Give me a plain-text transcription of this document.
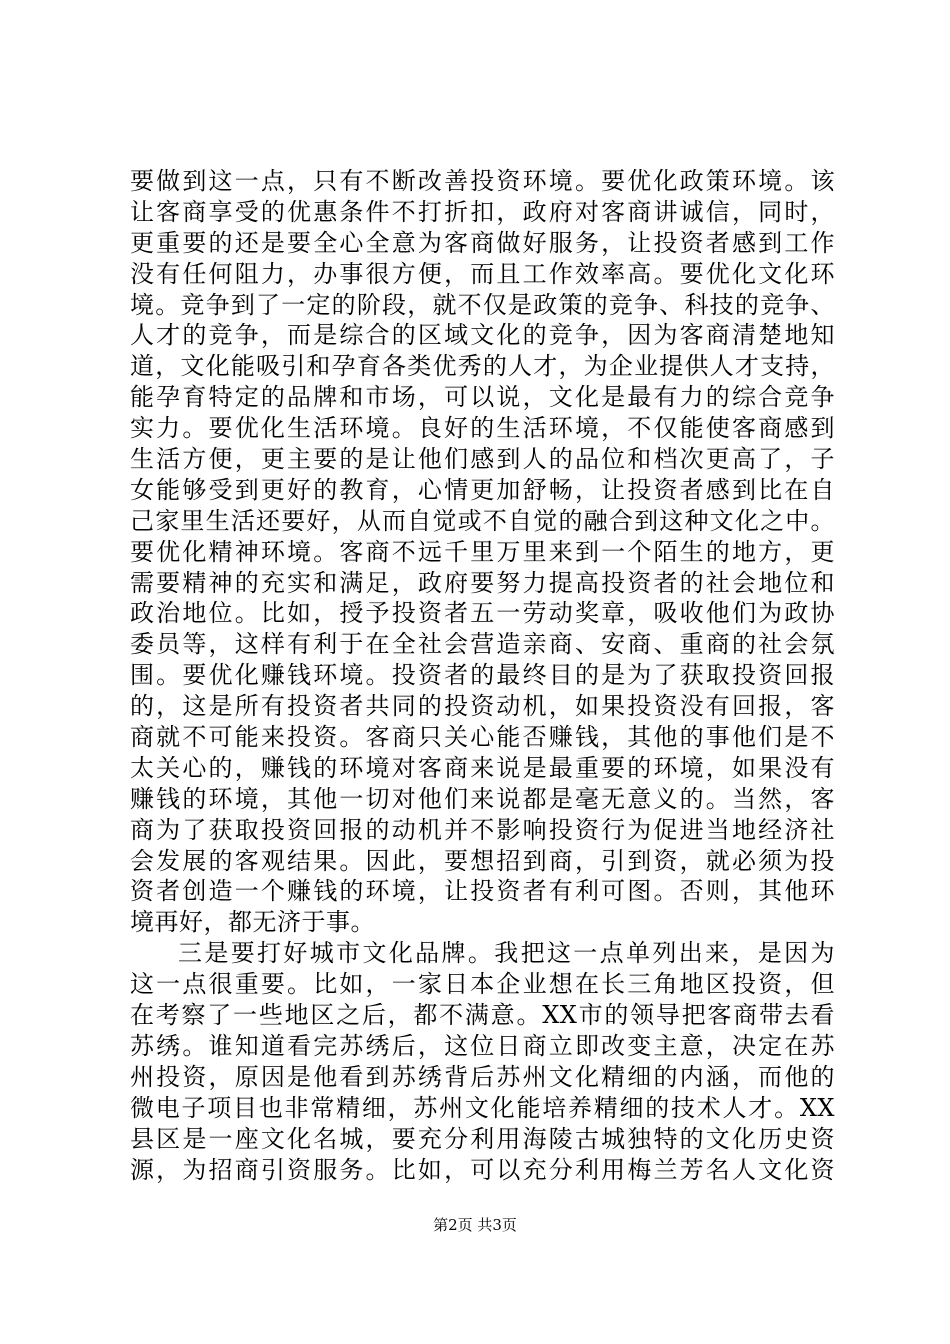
要做到这一点，只有不断改善投资环境。要优化政策环境。该
让客商享受的优惠条件不打折扣，政府对客商讲诚信，同时，
更重要的还是要全心全意为客商做好服务，让投资者感到工作
没有任何阻力，办事很方便，而且工作效率高。要优化文化环
境。竞争到了一定的阶段，就不仅是政策的竞争、科技的竞争、
人才的竞争，而是综合的区域文化的竞争，因为客商清楚地知
道，文化能吸引和孕育各类优秀的人才，为企业提供人才支持，
能孕育特定的品牌和市场，可以说，文化是最有力的综合竞争
实力。要优化生活环境。良好的生活环境，不仅能使客商感到
生活方便，更主要的是让他们感到人的品位和档次更高了，子
女能够受到更好的教育，心情更加舒畅，让投资者感到比在自
己家里生活还要好，从而自觉或不自觉的融合到这种文化之中。
要优化精神环境。客商不远千里万里来到一个陌生的地方，更
需要精神的充实和满足，政府要努力提高投资者的社会地位和
政治地位。比如，授予投资者五一劳动奖章，吸收他们为政协
委员等，这样有利于在全社会营造亲商、安商、重商的社会氛
围。要优化赚钱环境。投资者的最终目的是为了获取投资回报
的，这是所有投资者共同的投资动机，如果投资没有回报，客
商就不可能来投资。客商只关心能否赚钱，其他的事他们是不
太关心的，赚钱的环境对客商来说是最重要的环境，如果没有
赚钱的环境，其他一切对他们来说都是毫无意义的。当然，客
商为了获取投资回报的动机并不影响投资行为促进当地经济社
会发展的客观结果。因此，要想招到商，引到资，就必须为投
资者创造一个赚钱的环境，让投资者有利可图。否则，其他环
境再好，都无济于事。
三是要打好城市文化品牌。我把这一点单列出来，是因为
这一点很重要。比如，一家日本企业想在长三角地区投资，但
在考察了一些地区之后，都不满意。XX市的领导把客商带去看
苏绣。谁知道看完苏绣后，这位日商立即改变主意，决定在苏
州投资，原因是他看到苏绣背后苏州文化精细的内涵，而他的
微电子项目也非常精细，苏州文化能培养精细的技术人才。XX
县区是一座文化名城，要充分利用海陵古城独特的文化历史资
源，为招商引资服务。比如，可以充分利用梅兰芳名人文化资
第2页 共3页
